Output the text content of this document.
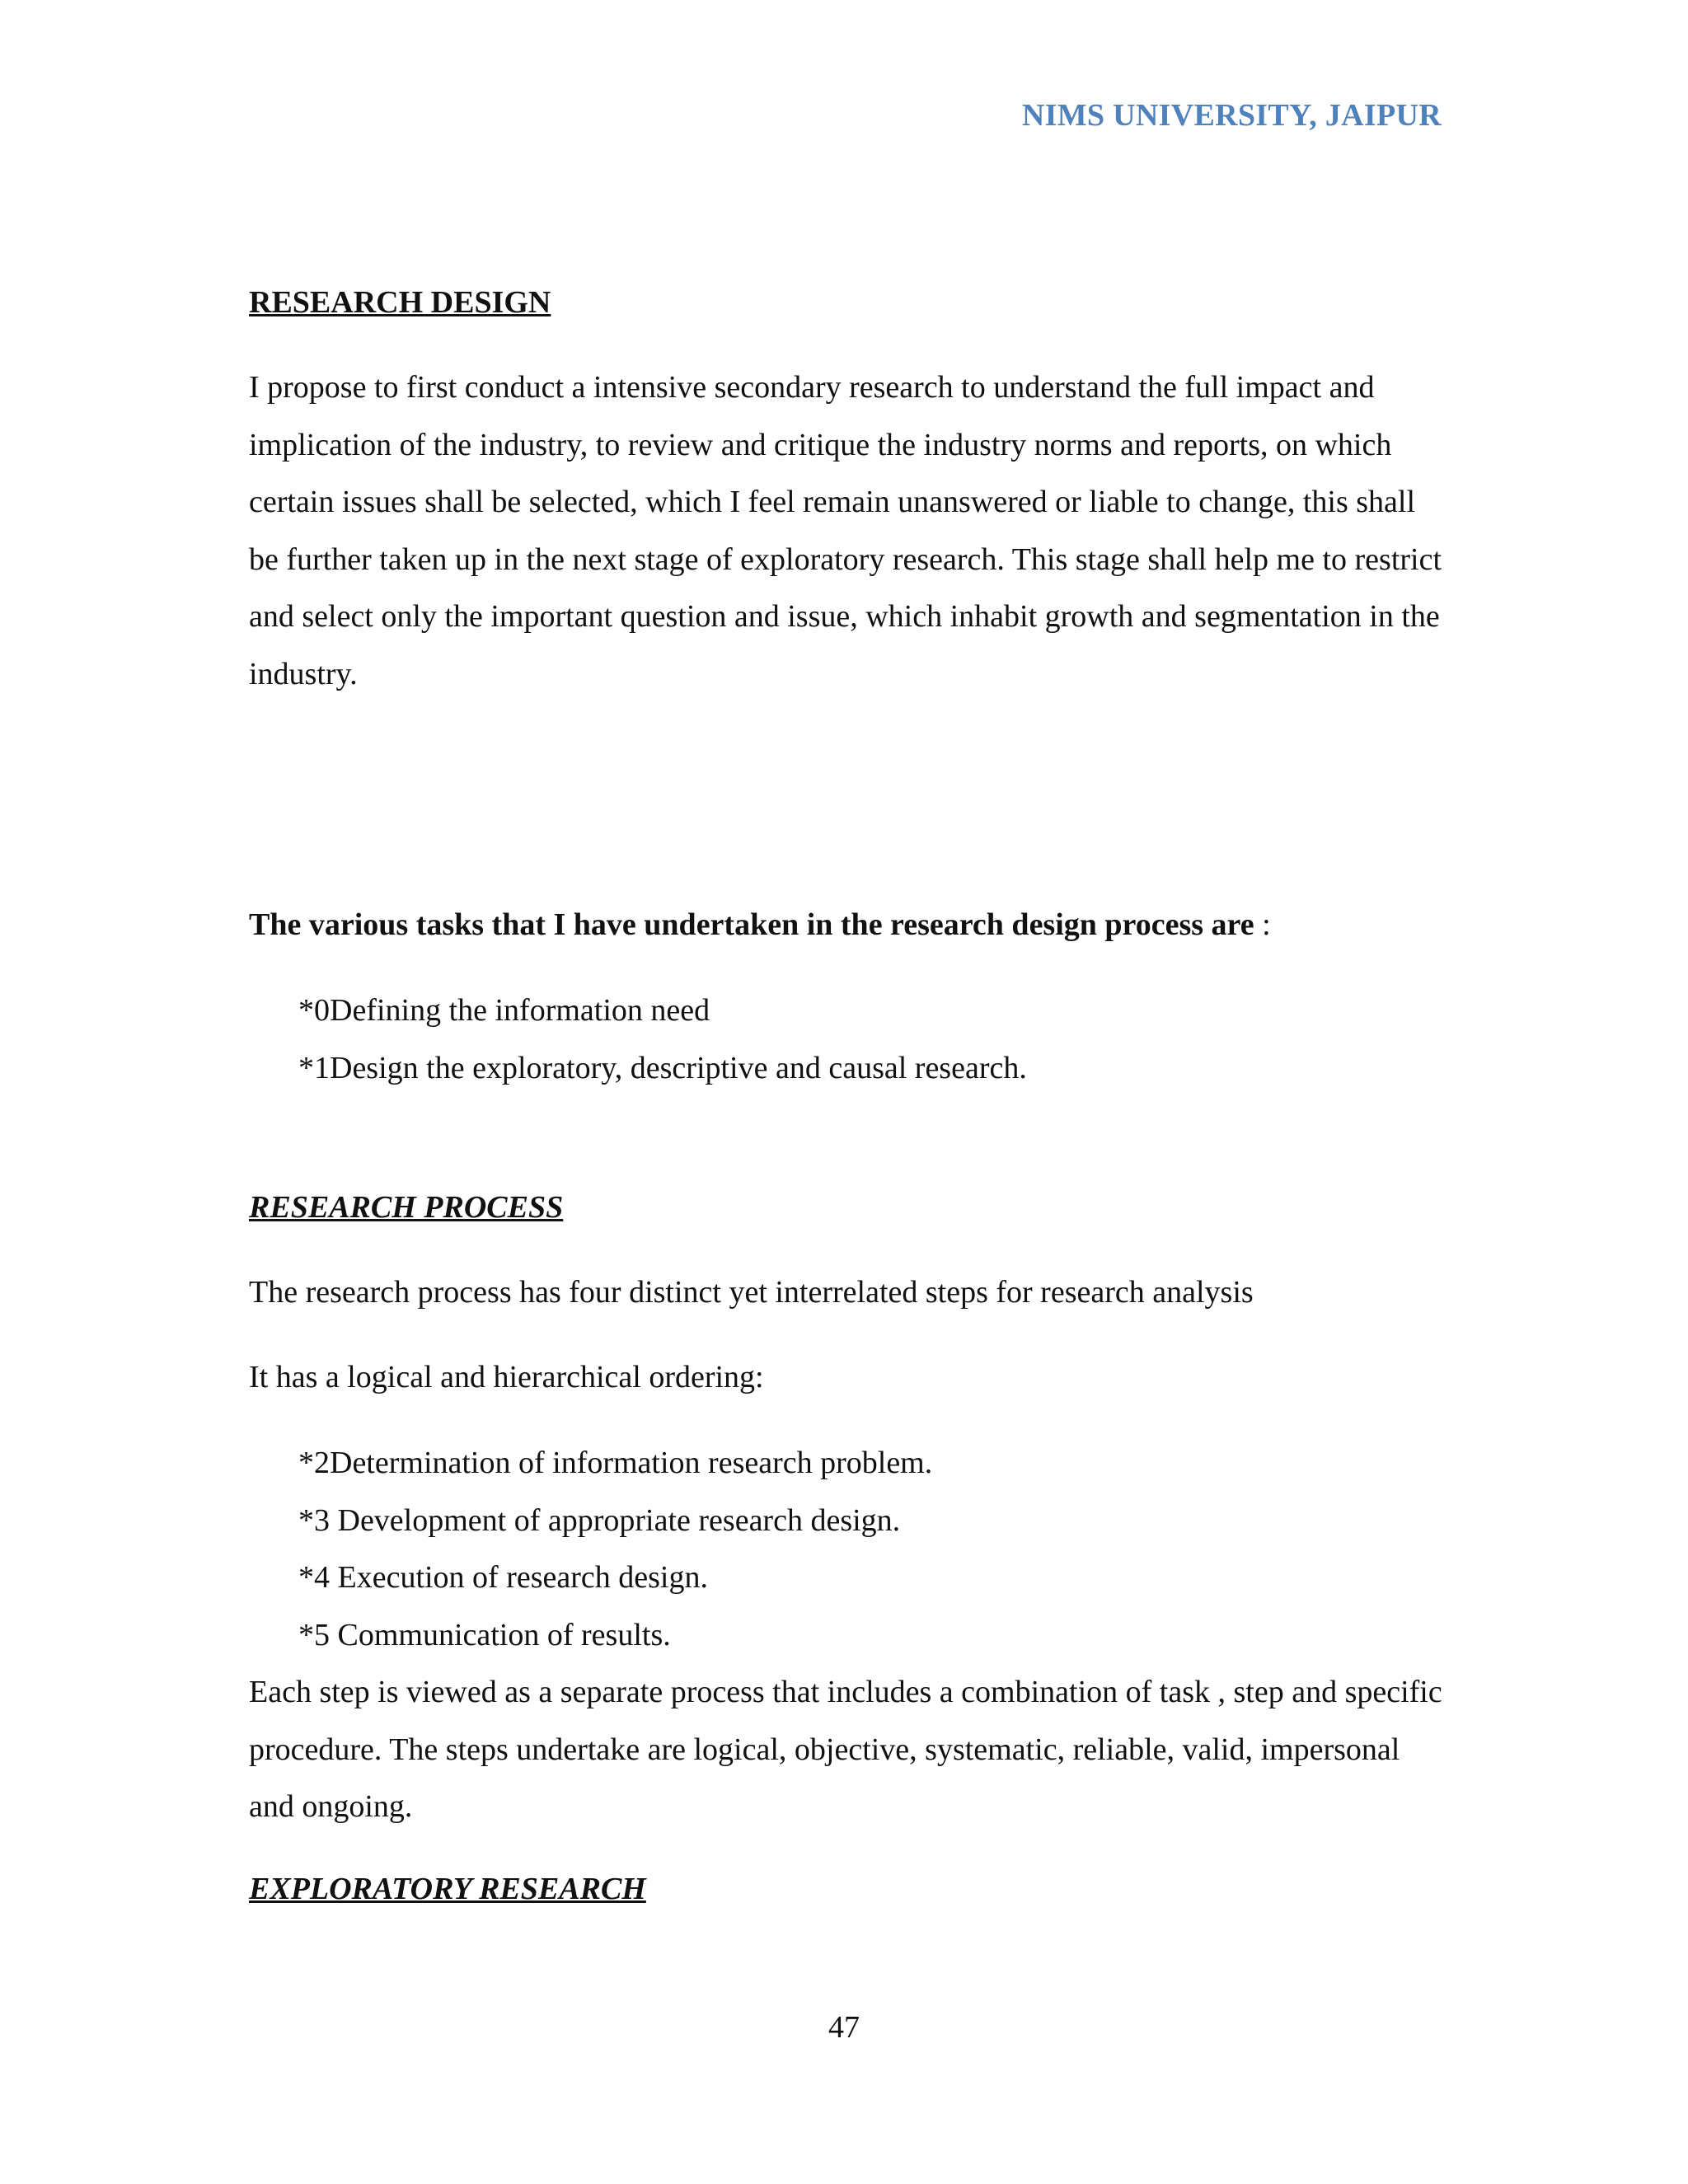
NIMS UNIVERSITY, JAIPUR
RESEARCH DESIGN
I propose to first conduct a intensive secondary research to understand the full impact and implication of the industry, to review and critique the industry norms and reports, on which certain issues shall be selected, which I feel remain unanswered or liable to change, this shall be further taken up in the next stage of exploratory research. This stage shall help me to restrict and select only the important question and issue, which inhabit growth and segmentation in the industry.
The various tasks that I have undertaken in the research design process are :
*0Defining the information need
*1Design the exploratory, descriptive and causal research.
RESEARCH PROCESS
The research process has four distinct yet interrelated steps for research analysis
It has a logical and hierarchical ordering:
*2Determination of information research problem.
*3 Development of appropriate research design.
*4 Execution of research design.
*5 Communication of results.
Each step is viewed as a separate process that includes a combination of task , step and specific procedure. The steps undertake are logical, objective, systematic, reliable, valid, impersonal and ongoing.
EXPLORATORY RESEARCH
47
